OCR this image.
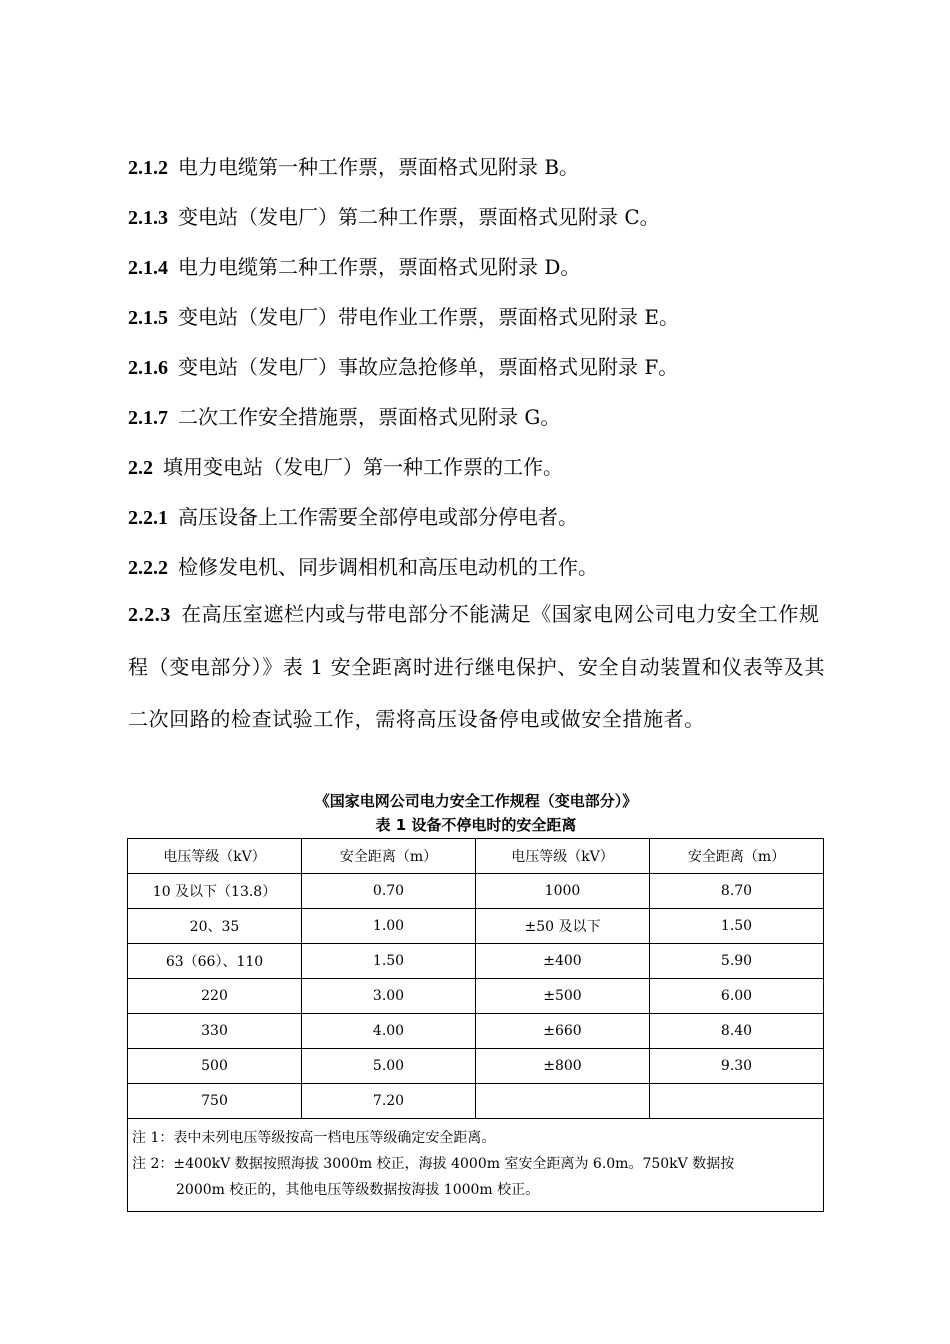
2.1.2 电力电缆第一种工作票，票面格式见附录 B。

2.1.3 变电站（发电厂）第二种工作票，票面格式见附录 C。

2.1.4 电力电缆第二种工作票，票面格式见附录 D。

2.1.5 变电站（发电厂）带电作业工作票，票面格式见附录 E。

2.1.6 变电站（发电厂）事故应急抢修单，票面格式见附录 F。

2.1.7 二次工作安全措施票，票面格式见附录 G。

2.2 填用变电站（发电厂）第一种工作票的工作。

2.2.1 高压设备上工作需要全部停电或部分停电者。

2.2.2 检修发电机、同步调相机和高压电动机的工作。

2.2.3 在高压室遮栏内或与带电部分不能满足《国家电网公司电力安全工作规程（变电部分）》表 1 安全距离时进行继电保护、安全自动装置和仪表等及其二次回路的检查试验工作，需将高压设备停电或做安全措施者。

《国家电网公司电力安全工作规程（变电部分）》
表 1 设备不停电时的安全距离
电压等级（kV）	安全距离（m）	电压等级（kV）	安全距离（m）
10 及以下（13.8）	0.70	1000	8.70
20、35	1.00	±50 及以下	1.50
63（66）、110	1.50	±400	5.90
220	3.00	±500	6.00
330	4.00	±660	8.40
500	5.00	±800	9.30
750	7.20		

注 1：表中未列电压等级按高一档电压等级确定安全距离。
注 2：±400kV 数据按照海拔 3000m 校正，海拔 4000m 室安全距离为 6.0m。750kV 数据按
2000m 校正的，其他电压等级数据按海拔 1000m 校正。			
